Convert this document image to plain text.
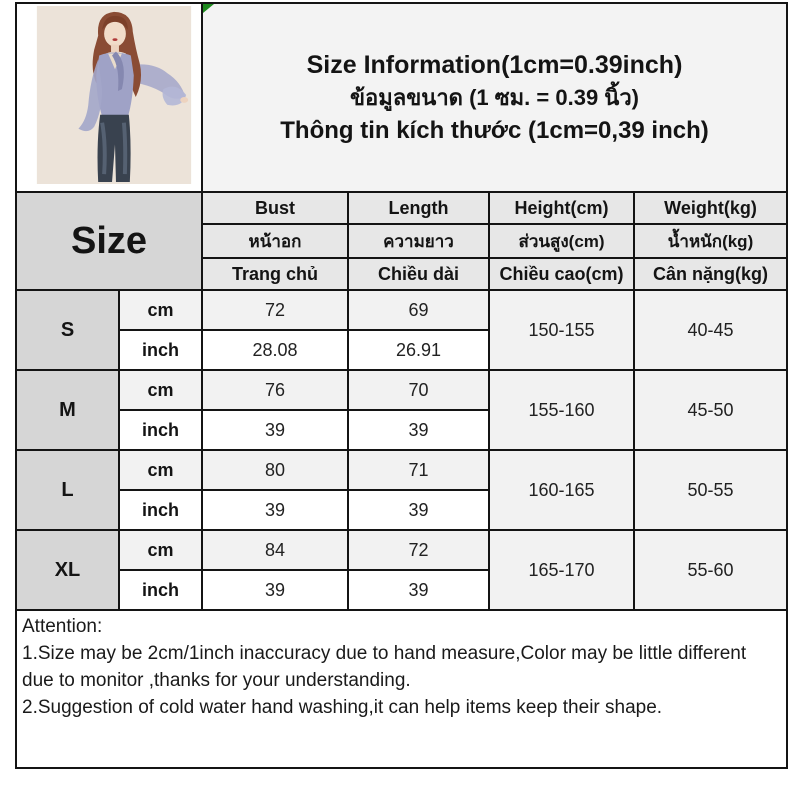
Size Information(1cm=0.39inch)
ข้อมูลขนาด (1 ซม. = 0.39 นิ้ว)
Thông tin kích thước (1cm=0,39 inch)			

Size		Bust	Length	Height(cm)	Weight(kg)
		หน้าอก	ความยาว	ส่วนสูง(cm)	น้ำหนัก(kg)
		Trang chủ	Chiều dài	Chiều cao(cm)	Cân nặng(kg)
S	cm	72	69	150-155	40-45
	inch	28.08	26.91		
M	cm	76	70	155-160	45-50
	inch	39	39		
L	cm	80	71	160-165	50-55
	inch	39	39		
XL	cm	84	72	165-170	55-60
	inch	39	39		

Attention:
1.Size may be 2cm/1inch inaccuracy due to hand measure,Color may be little different due to monitor ,thanks for your understanding.
2.Suggestion of cold water hand washing,it can help items keep their shape.					
